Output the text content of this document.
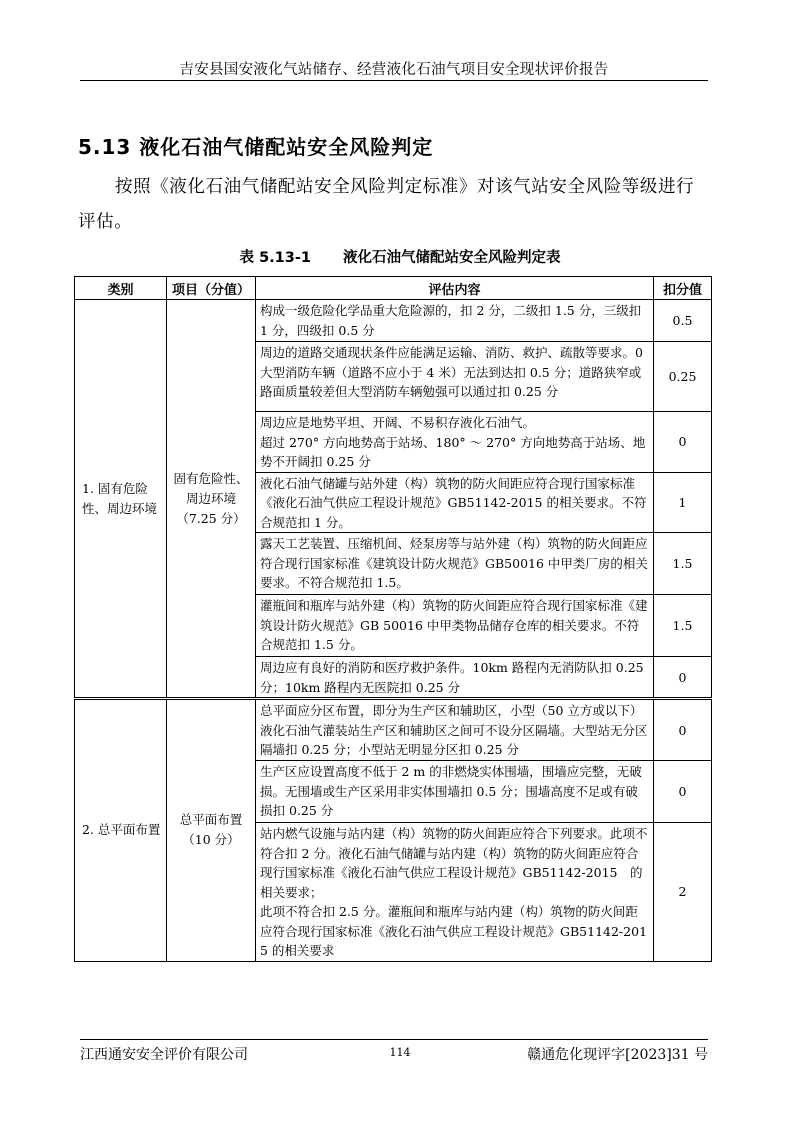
吉安县国安液化气站储存、经营液化石油气项目安全现状评价报告
5.13 液化石油气储配站安全风险判定
按照《液化石油气储配站安全风险判定标准》对该气站安全风险等级进行评估。
表 5.13-1 液化石油气储配站安全风险判定表
类别	项目（分值）	评估内容	扣分值
1. 固有危险性、周边环境	固有危险性、周边环境（7.25 分）	构成一级危险化学品重大危险源的，扣 2 分，二级扣 1.5 分，三级扣 1 分，四级扣 0.5 分	0.5
		周边的道路交通现状条件应能满足运输、消防、救护、疏散等要求。0 大型消防车辆（道路不应小于 4 米）无法到达扣 0.5 分；道路狭窄或路面质量较差但大型消防车辆勉强可以通过扣 0.25 分	0.25
		周边应是地势平坦、开阔、不易积存液化石油气。
超过 270° 方向地势高于站场、180° ～ 270° 方向地势高于站场、地势不开阔扣 0.25 分	0
		液化石油气储罐与站外建（构）筑物的防火间距应符合现行国家标准《液化石油气供应工程设计规范》GB51142-2015 的相关要求。不符合规范扣 1 分。	1
		露天工艺装置、压缩机间、烃泵房等与站外建（构）筑物的防火间距应符合现行国家标准《建筑设计防火规范》GB50016 中甲类厂房的相关要求。不符合规范扣 1.5。	1.5
		灌瓶间和瓶库与站外建（构）筑物的防火间距应符合现行国家标准《建筑设计防火规范》GB 50016 中甲类物品储存仓库的相关要求。不符合规范扣 1.5 分。	1.5
		周边应有良好的消防和医疗救护条件。10km 路程内无消防队扣 0.25 分；10km 路程内无医院扣 0.25 分	0
2. 总平面布置	总平面布置（10 分）	总平面应分区布置，即分为生产区和辅助区，小型（50 立方或以下）液化石油气灌装站生产区和辅助区之间可不设分区隔墙。大型站无分区隔墙扣 0.25 分；小型站无明显分区扣 0.25 分	0
		生产区应设置高度不低于 2 m 的非燃烧实体围墙，围墙应完整，无破损。无围墙或生产区采用非实体围墙扣 0.5 分；围墙高度不足或有破损扣 0.25 分	0
		站内燃气设施与站内建（构）筑物的防火间距应符合下列要求。此项不符合扣 2 分。液化石油气储罐与站内建（构）筑物的防火间距应符合现行国家标准《液化石油气供应工程设计规范》GB51142-2015　的相关要求；
此项不符合扣 2.5 分。灌瓶间和瓶库与站内建（构）筑物的防火间距 应符合现行国家标准《液化石油气供应工程设计规范》GB51142-2015 的相关要求	2
江西通安安全评价有限公司	114	赣通危化现评字[2023]31 号
